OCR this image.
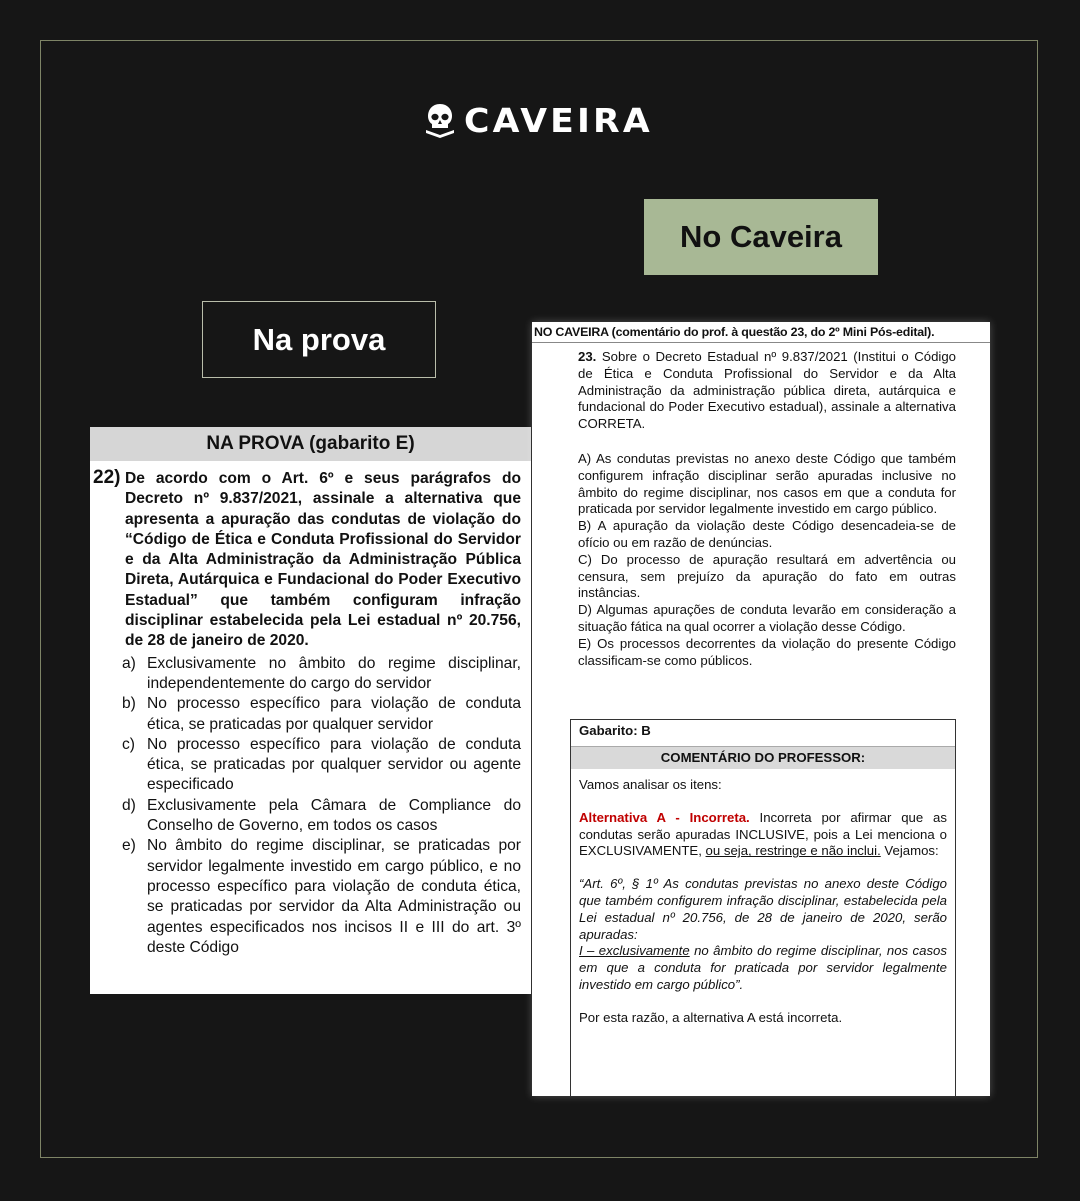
CAVEIRA
No Caveira
Na prova
NA PROVA (gabarito E)
22) De acordo com o Art. 6º e seus parágrafos do Decreto nº 9.837/2021, assinale a alternativa que apresenta a apuração das condutas de violação do “Código de Ética e Conduta Profissional do Servidor e da Alta Administração da Administração Pública Direta, Autárquica e Fundacional do Poder Executivo Estadual” que também configuram infração disciplinar estabelecida pela Lei estadual nº 20.756, de 28 de janeiro de 2020.

a) Exclusivamente no âmbito do regime disciplinar, independentemente do cargo do servidor
b) No processo específico para violação de conduta ética, se praticadas por qualquer servidor
c) No processo específico para violação de conduta ética, se praticadas por qualquer servidor ou agente especificado
d) Exclusivamente pela Câmara de Compliance do Conselho de Governo, em todos os casos
e) No âmbito do regime disciplinar, se praticadas por servidor legalmente investido em cargo público, e no processo específico para violação de conduta ética, se praticadas por servidor da Alta Administração ou agentes especificados nos incisos II e III do art. 3º deste Código
NO CAVEIRA (comentário do prof. à questão 23, do 2º Mini Pós-edital).

23. Sobre o Decreto Estadual nº 9.837/2021 (Institui o Código de Ética e Conduta Profissional do Servidor e da Alta Administração da administração pública direta, autárquica e fundacional do Poder Executivo estadual), assinale a alternativa CORRETA.

A) As condutas previstas no anexo deste Código que também configurem infração disciplinar serão apuradas inclusive no âmbito do regime disciplinar, nos casos em que a conduta for praticada por servidor legalmente investido em cargo público.

B) A apuração da violação deste Código desencadeia-se de ofício ou em razão de denúncias.

C) Do processo de apuração resultará em advertência ou censura, sem prejuízo da apuração do fato em outras instâncias.

D) Algumas apurações de conduta levarão em consideração a situação fática na qual ocorrer a violação desse Código.

E) Os processos decorrentes da violação do presente Código classificam-se como públicos.

Gabarito: B
COMENTÁRIO DO PROFESSOR:

Vamos analisar os itens:

Alternativa A - Incorreta. Incorreta por afirmar que as condutas serão apuradas INCLUSIVE, pois a Lei menciona o EXCLUSIVAMENTE, ou seja, restringe e não inclui. Vejamos:

“Art. 6º, § 1º As condutas previstas no anexo deste Código que também configurem infração disciplinar, estabelecida pela Lei estadual nº 20.756, de 28 de janeiro de 2020, serão apuradas:
I – exclusivamente no âmbito do regime disciplinar, nos casos em que a conduta for praticada por servidor legalmente investido em cargo público”.

Por esta razão, a alternativa A está incorreta.
